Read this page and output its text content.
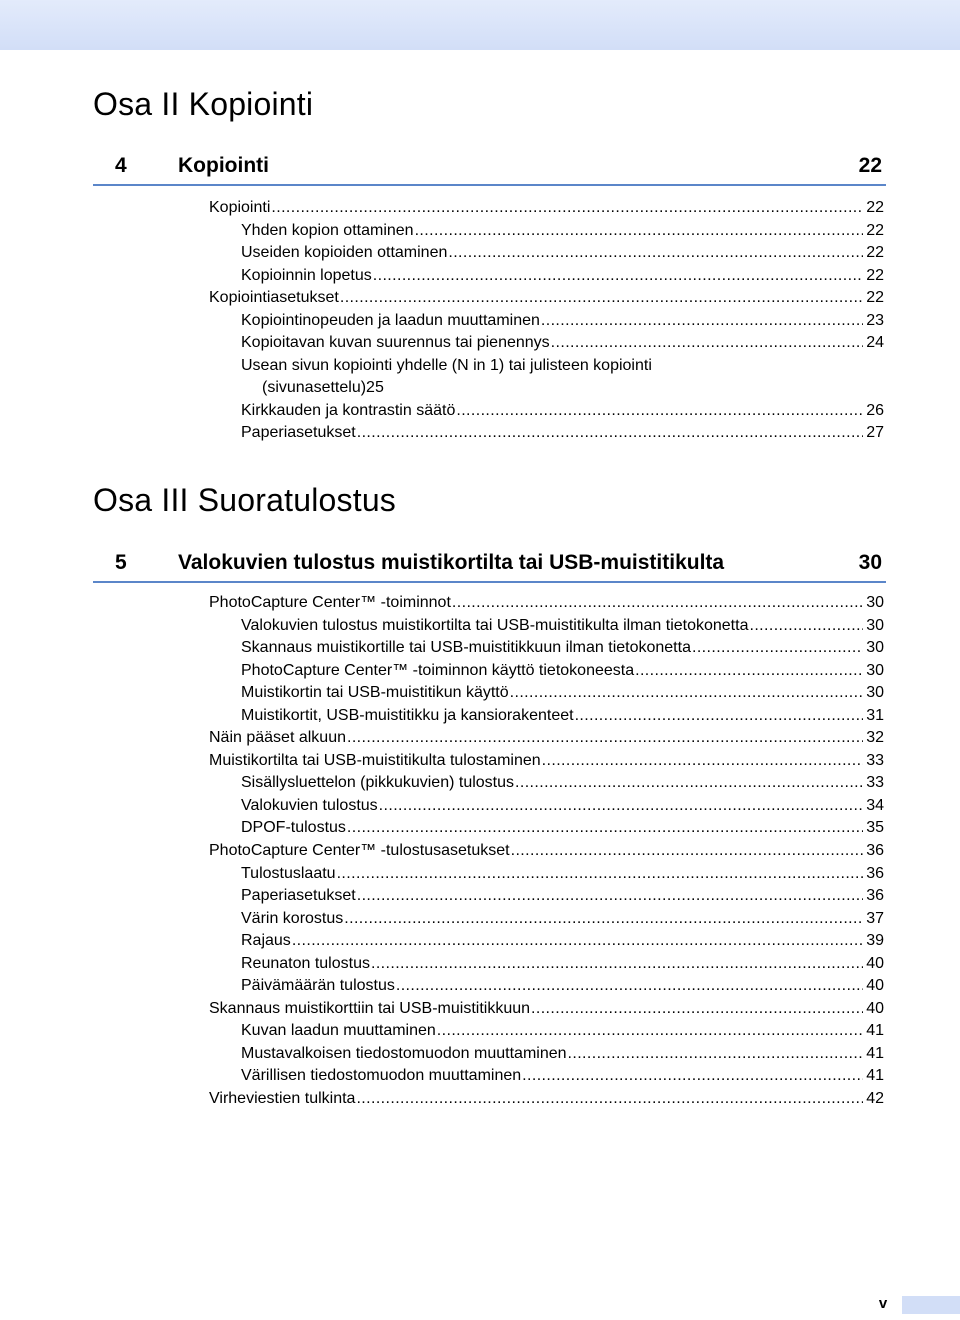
Osa II Kopiointi
4 Kopiointi	22
Kopiointi .....	22
Yhden kopion ottaminen .....	22
Useiden kopioiden ottaminen .....	22
Kopioinnin lopetus .....	22
Kopiointiasetukset .....	22
Kopiointinopeuden ja laadun muuttaminen .....	23
Kopioitavan kuvan suurennus tai pienennys .....	24
Usean sivun kopiointi yhdelle (N in 1) tai julisteen kopiointi
(sivunasettelu) 25
Kirkkauden ja kontrastin säätö .....	26
Paperiasetukset .....	27
Osa III Suoratulostus
5 Valokuvien tulostus muistikortilta tai USB-muistitikulta	30
PhotoCapture Center™ -toiminnot .....	30
Valokuvien tulostus muistikortilta tai USB-muistitikulta ilman tietokonetta .....	30
Skannaus muistikortille tai USB-muistitikkuun ilman tietokonetta .....	30
PhotoCapture Center™ -toiminnon käyttö tietokoneesta .....	30
Muistikortin tai USB-muistitikun käyttö .....	30
Muistikortit, USB-muistitikku ja kansiorakenteet .....	31
Näin pääset alkuun .....	32
Muistikortilta tai USB-muistitikulta tulostaminen .....	33
Sisällysluettelon (pikkukuvien) tulostus .....	33
Valokuvien tulostus .....	34
DPOF-tulostus .....	35
PhotoCapture Center™ -tulostusasetukset .....	36
Tulostuslaatu .....	36
Paperiasetukset .....	36
Värin korostus .....	37
Rajaus .....	39
Reunaton tulostus .....	40
Päivämäärän tulostus .....	40
Skannaus muistikorttiin tai USB-muistitikkuun .....	40
Kuvan laadun muuttaminen .....	41
Mustavalkoisen tiedostomuodon muuttaminen .....	41
Värillisen tiedostomuodon muuttaminen .....	41
Virheviestien tulkinta .....	42
v
